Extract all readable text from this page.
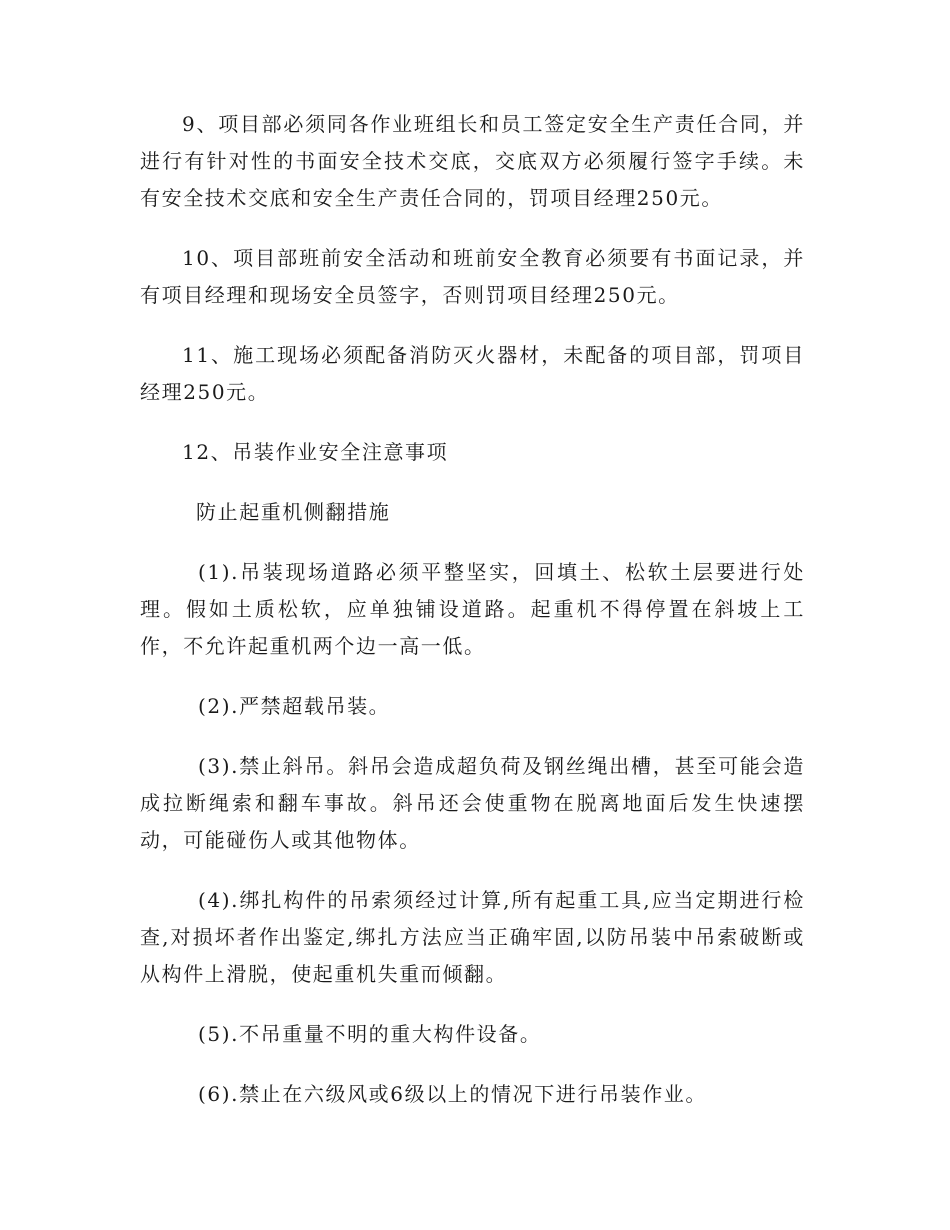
9、项目部必须同各作业班组长和员工签定安全生产责任合同，并进行有针对性的书面安全技术交底，交底双方必须履行签字手续。未有安全技术交底和安全生产责任合同的，罚项目经理250元。

10、项目部班前安全活动和班前安全教育必须要有书面记录，并有项目经理和现场安全员签字，否则罚项目经理250元。

11、施工现场必须配备消防灭火器材，未配备的项目部，罚项目经理250元。

12、吊装作业安全注意事项

防止起重机侧翻措施

(1).吊装现场道路必须平整坚实，回填土、松软土层要进行处理。假如土质松软，应单独铺设道路。起重机不得停置在斜坡上工作，不允许起重机两个边一高一低。

(2).严禁超载吊装。

(3).禁止斜吊。斜吊会造成超负荷及钢丝绳出槽，甚至可能会造成拉断绳索和翻车事故。斜吊还会使重物在脱离地面后发生快速摆动，可能碰伤人或其他物体。

(4).绑扎构件的吊索须经过计算,所有起重工具,应当定期进行检查,对损坏者作出鉴定,绑扎方法应当正确牢固,以防吊装中吊索破断或从构件上滑脱，使起重机失重而倾翻。

(5).不吊重量不明的重大构件设备。

(6).禁止在六级风或6级以上的情况下进行吊装作业。
